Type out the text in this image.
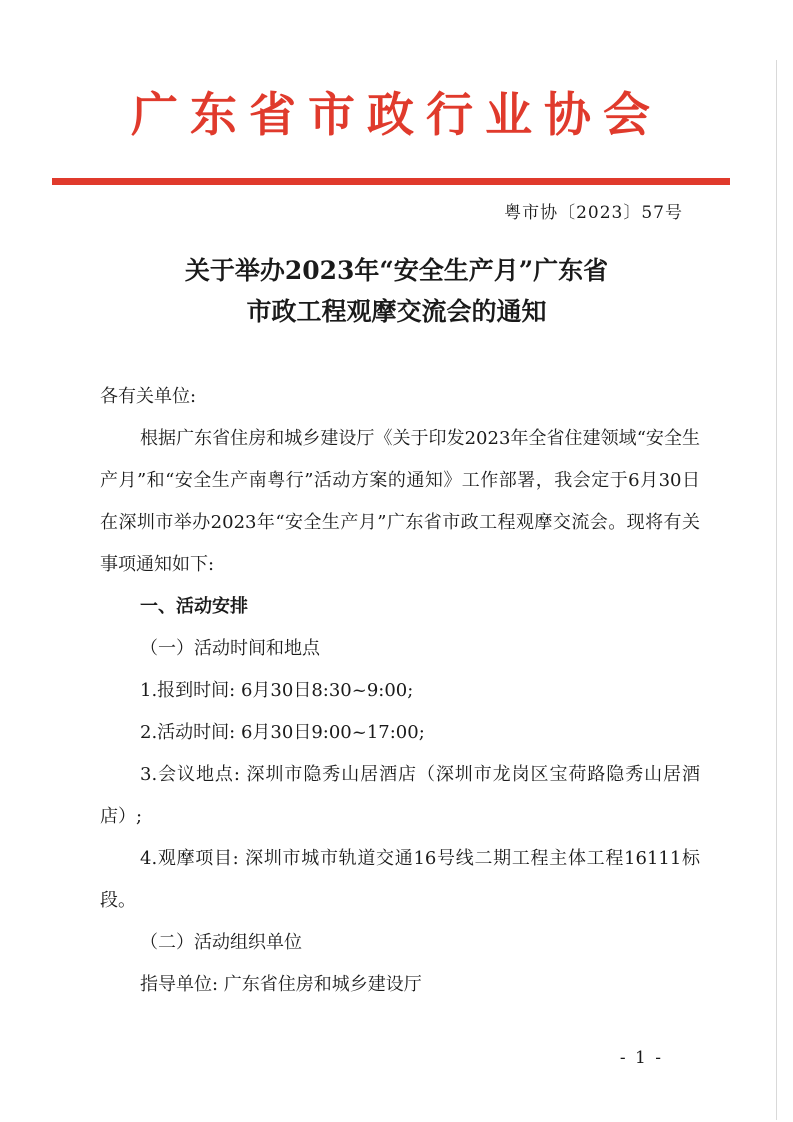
广东省市政行业协会
粤市协〔2023〕57号
关于举办2023年“安全生产月”广东省
市政工程观摩交流会的通知

各有关单位:

根据广东省住房和城乡建设厅《关于印发2023年全省住建领域“安全生产月”和“安全生产南粤行”活动方案的通知》工作部署，我会定于6月30日在深圳市举办2023年“安全生产月”广东省市政工程观摩交流会。现将有关事项通知如下:

一、活动安排

（一）活动时间和地点

1.报到时间: 6月30日8:30~9:00;

2.活动时间: 6月30日9:00~17:00;

3.会议地点: 深圳市隐秀山居酒店（深圳市龙岗区宝荷路隐秀山居酒店）;

4.观摩项目: 深圳市城市轨道交通16号线二期工程主体工程16111标段。

（二）活动组织单位

指导单位: 广东省住房和城乡建设厅

- 1 -
